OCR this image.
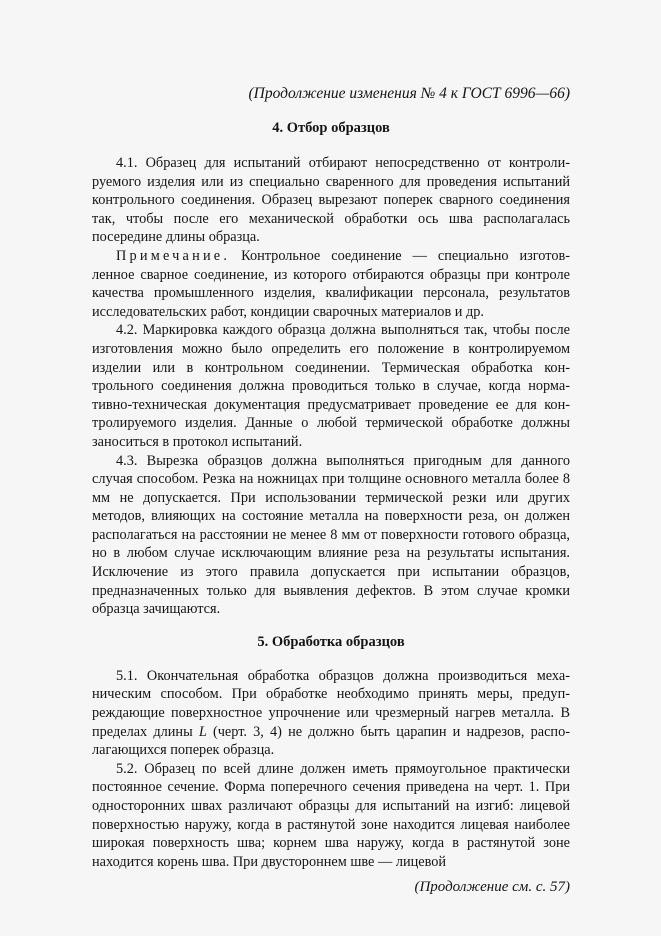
(Продолжение изменения № 4 к ГОСТ 6996—66)
4. Отбор образцов

4.1. Образец для испытаний отбирают непосредственно от контролируемого изделия или из специально сваренного для проведения испытаний контрольного соединения. Образец вырезают поперек сварного соединения так, чтобы после его механической обработки ось шва располагалась посередине длины образца.

Примечание. Контрольное соединение — специально изготовленное сварное соединение, из которого отбираются образцы при контроле качества промышленного изделия, квалификации персонала, результатов исследовательских работ, кондиции сварочных материалов и др.

4.2. Маркировка каждого образца должна выполняться так, чтобы после изготовления можно было определить его положение в контролируемом изделии или в контрольном соединении. Термическая обработка контрольного соединения должна проводиться только в случае, когда нормативно-техническая документация предусматривает проведение ее для контролируемого изделия. Данные о любой термической обработке должны заноситься в протокол испытаний.

4.3. Вырезка образцов должна выполняться пригодным для данного случая способом. Резка на ножницах при толщине основного металла более 8 мм не допускается. При использовании термической резки или других методов, влияющих на состояние металла на поверхности реза, он должен располагаться на расстоянии не менее 8 мм от поверхности готового образца, но в любом случае исключающим влияние реза на результаты испытания. Исключение из этого правила допускается при испытании образцов, предназначенных только для выявления дефектов. В этом случае кромки образца зачищаются.

5. Обработка образцов

5.1. Окончательная обработка образцов должна производиться механическим способом. При обработке необходимо принять меры, предупреждающие поверхностное упрочнение или чрезмерный нагрев металла. В пределах длины L (черт. 3, 4) не должно быть царапин и надрезов, располагающихся поперек образца.

5.2. Образец по всей длине должен иметь прямоугольное практически постоянное сечение. Форма поперечного сечения приведена на черт. 1. При односторонних швах различают образцы для испытаний на изгиб: лицевой поверхностью наружу, когда в растянутой зоне находится лицевая наиболее широкая поверхность шва; корнем шва наружу, когда в растянутой зоне находится корень шва. При двустороннем шве — лицевой

(Продолжение см. с. 57)
